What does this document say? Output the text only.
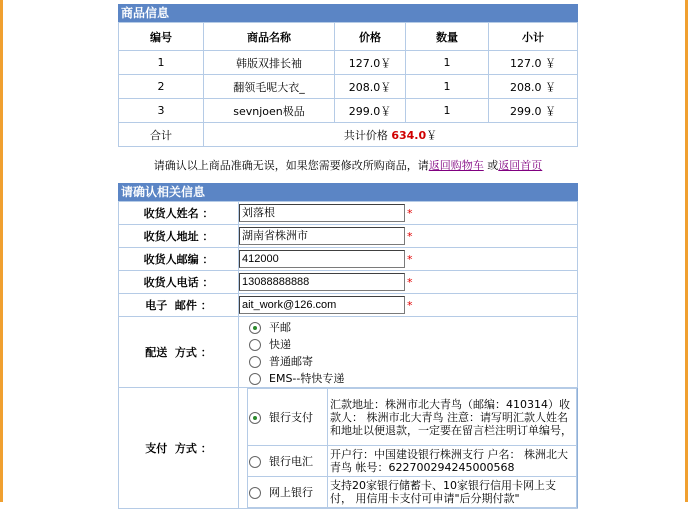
商品信息
编号	商品名称	价格	数量	小计
1	韩版双排长袖	127.0￥	1	127.0 ￥
2	翻领毛呢大衣_	208.0￥	1	208.0 ￥
3	sevnjoen极品	299.0￥	1	299.0 ￥
合计	共计价格 634.0￥			
请确认以上商品准确无误，如果您需要修改所购商品，请返回购物车 或返回首页
请确认相关信息
收货人姓名 ：	刘落根	*
收货人地址 ：	湖南省株洲市	*
收货人邮编 ：	412000	*
收货人电话 ：	13088888888	*
电子  邮件 ：	ait_work@126.com	*
配送  方式 ：	
平邮
快递
普通邮寄
EMS--特快专递

支付  方式 ：	
银行支付	汇款地址：株洲市北大青鸟（邮编：410314）收款人： 株洲市北大青鸟 注意：请写明汇款人姓名和地址以便退款，一定要在留言栏注明订单编号，
银行电汇	开户行：中国建设银行株洲支行 户名： 株洲北大青鸟 帐号：622700294245000568
网上银行	支持20家银行储蓄卡、10家银行信用卡网上支付， 用信用卡支付可申请"后分期付款"
